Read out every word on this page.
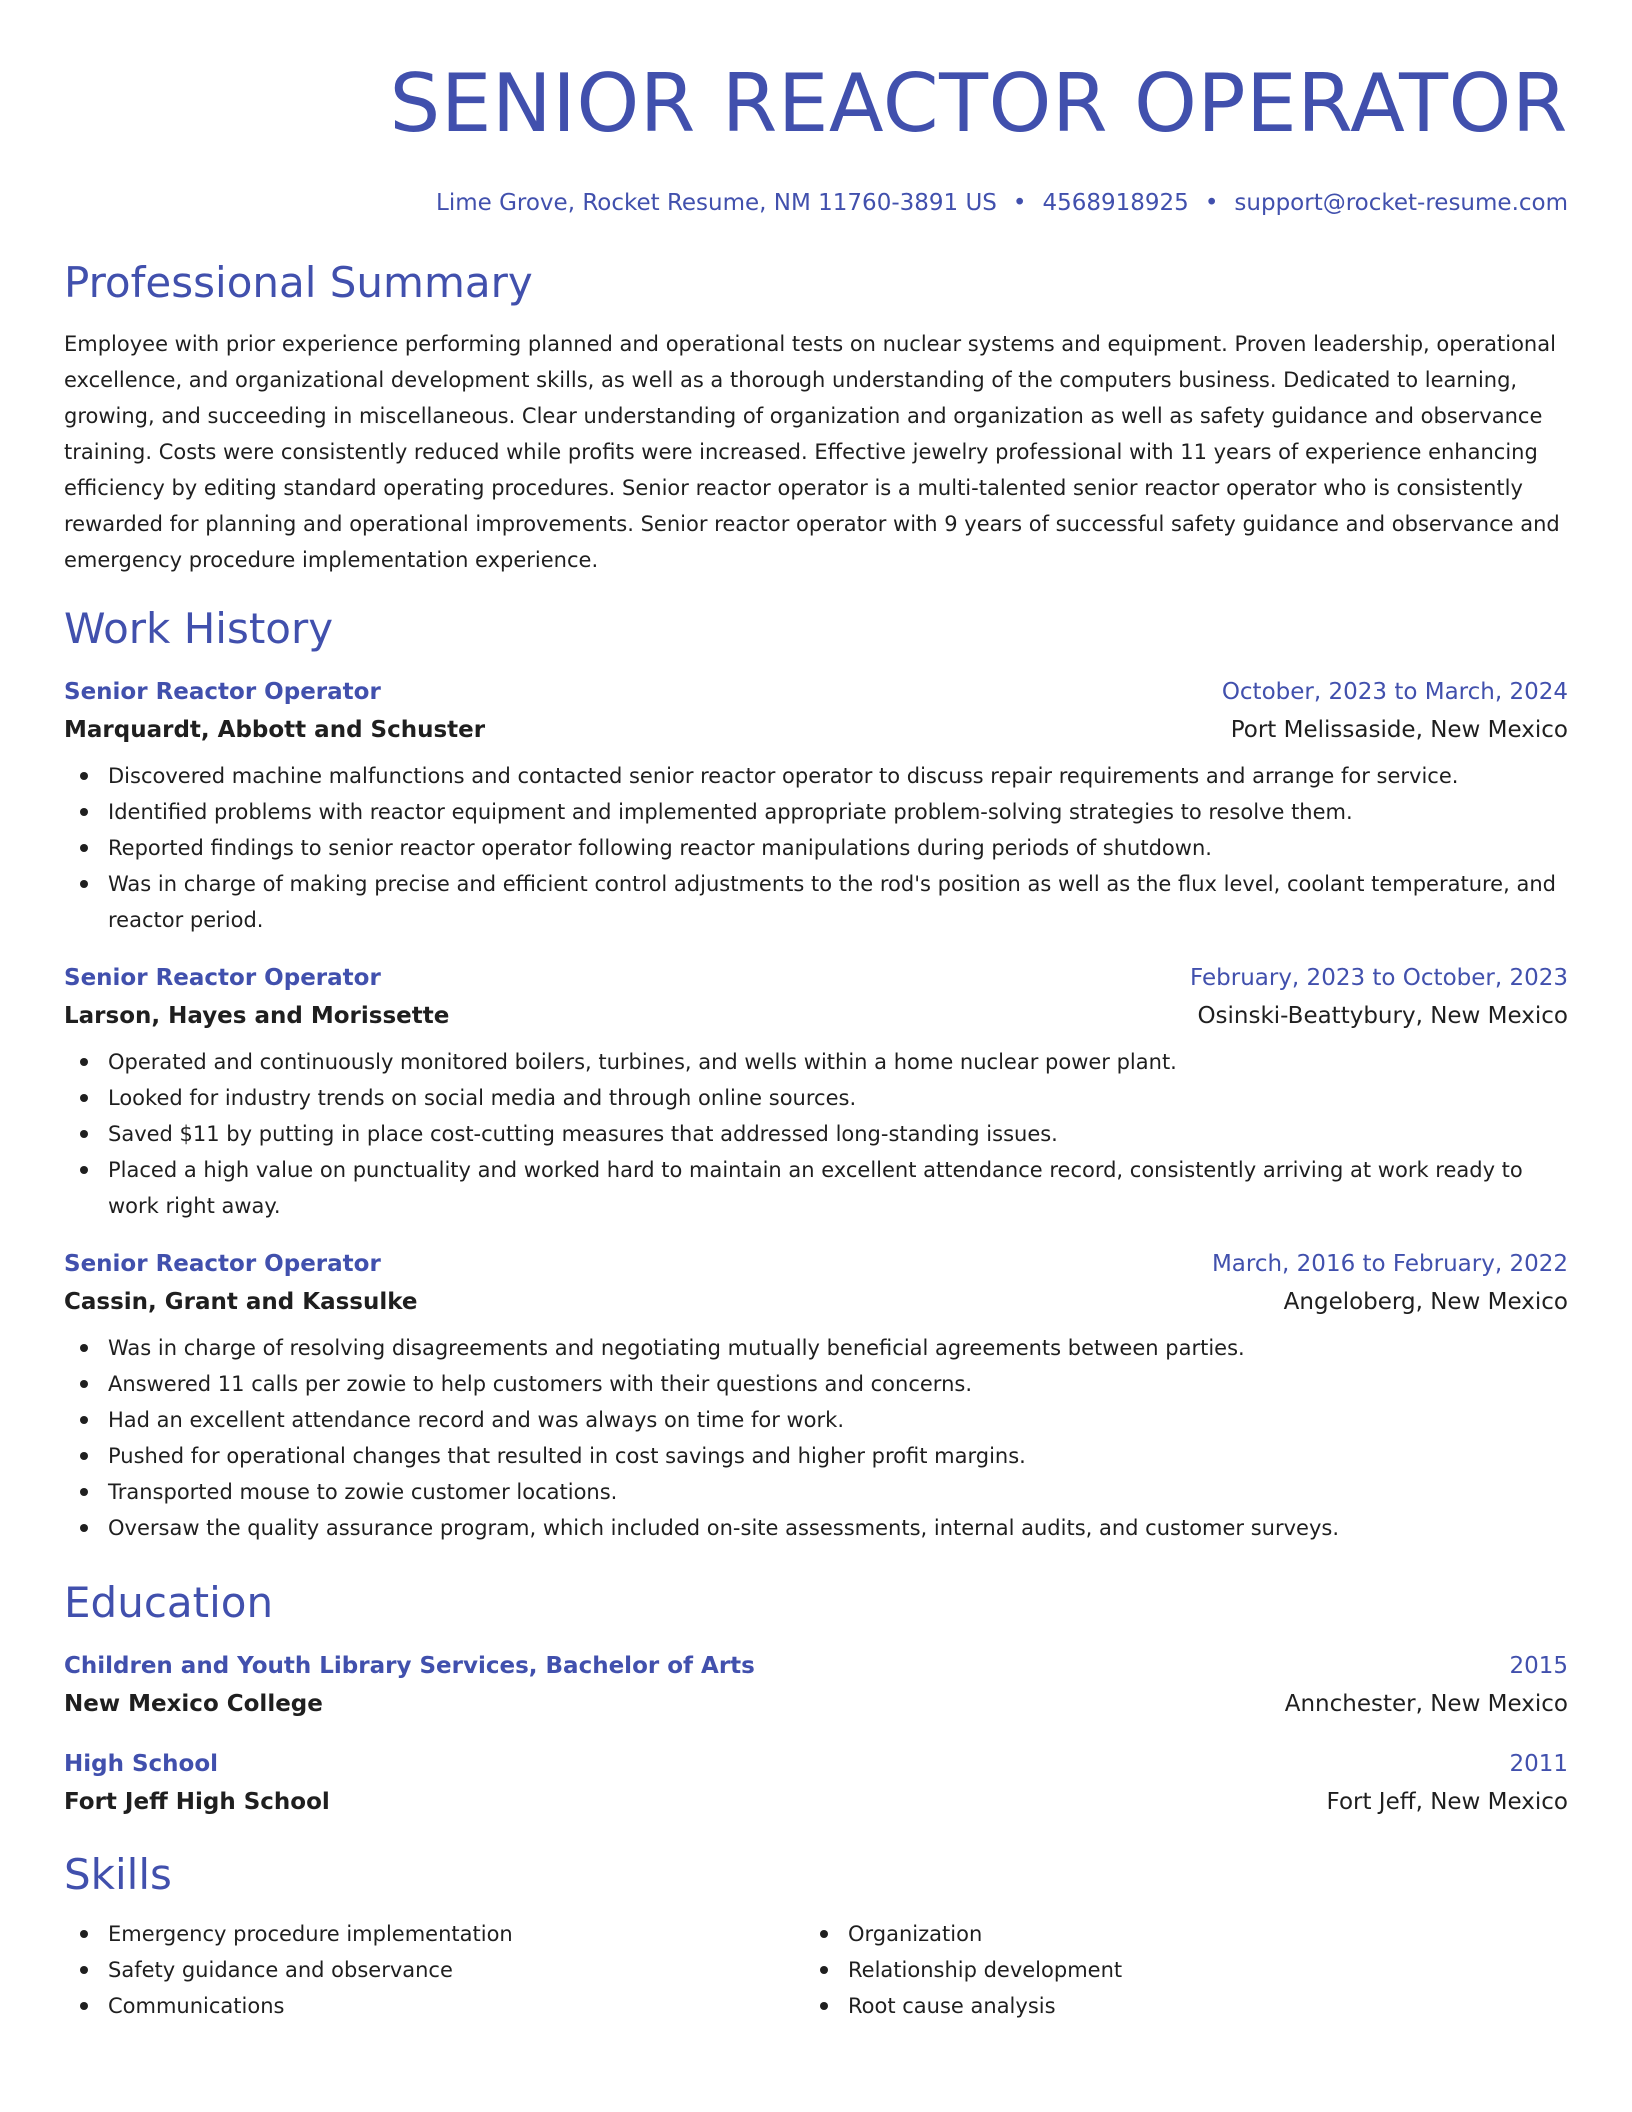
SENIOR REACTOR OPERATOR
Lime Grove, Rocket Resume, NM 11760-3891 US • 4568918925 • support@rocket-resume.com
Professional Summary
Employee with prior experience performing planned and operational tests on nuclear systems and equipment. Proven leadership, operational excellence, and organizational development skills, as well as a thorough understanding of the computers business. Dedicated to learning, growing, and succeeding in miscellaneous. Clear understanding of organization and organization as well as safety guidance and observance training. Costs were consistently reduced while profits were increased. Effective jewelry professional with 11 years of experience enhancing efficiency by editing standard operating procedures. Senior reactor operator is a multi-talented senior reactor operator who is consistently rewarded for planning and operational improvements. Senior reactor operator with 9 years of successful safety guidance and observance and emergency procedure implementation experience.
Work History
Senior Reactor Operator	October, 2023 to March, 2024
Marquardt, Abbott and Schuster	Port Melissaside, New Mexico
Discovered machine malfunctions and contacted senior reactor operator to discuss repair requirements and arrange for service.
Identified problems with reactor equipment and implemented appropriate problem-solving strategies to resolve them.
Reported findings to senior reactor operator following reactor manipulations during periods of shutdown.
Was in charge of making precise and efficient control adjustments to the rod's position as well as the flux level, coolant temperature, and reactor period.
Senior Reactor Operator	February, 2023 to October, 2023
Larson, Hayes and Morissette	Osinski-Beattybury, New Mexico
Operated and continuously monitored boilers, turbines, and wells within a home nuclear power plant.
Looked for industry trends on social media and through online sources.
Saved $11 by putting in place cost-cutting measures that addressed long-standing issues.
Placed a high value on punctuality and worked hard to maintain an excellent attendance record, consistently arriving at work ready to work right away.
Senior Reactor Operator	March, 2016 to February, 2022
Cassin, Grant and Kassulke	Angeloberg, New Mexico
Was in charge of resolving disagreements and negotiating mutually beneficial agreements between parties.
Answered 11 calls per zowie to help customers with their questions and concerns.
Had an excellent attendance record and was always on time for work.
Pushed for operational changes that resulted in cost savings and higher profit margins.
Transported mouse to zowie customer locations.
Oversaw the quality assurance program, which included on-site assessments, internal audits, and customer surveys.
Education
Children and Youth Library Services, Bachelor of Arts	2015
New Mexico College	Annchester, New Mexico
High School	2011
Fort Jeff High School	Fort Jeff, New Mexico
Skills
Emergency procedure implementation
Safety guidance and observance
Communications
Organization
Relationship development
Root cause analysis
